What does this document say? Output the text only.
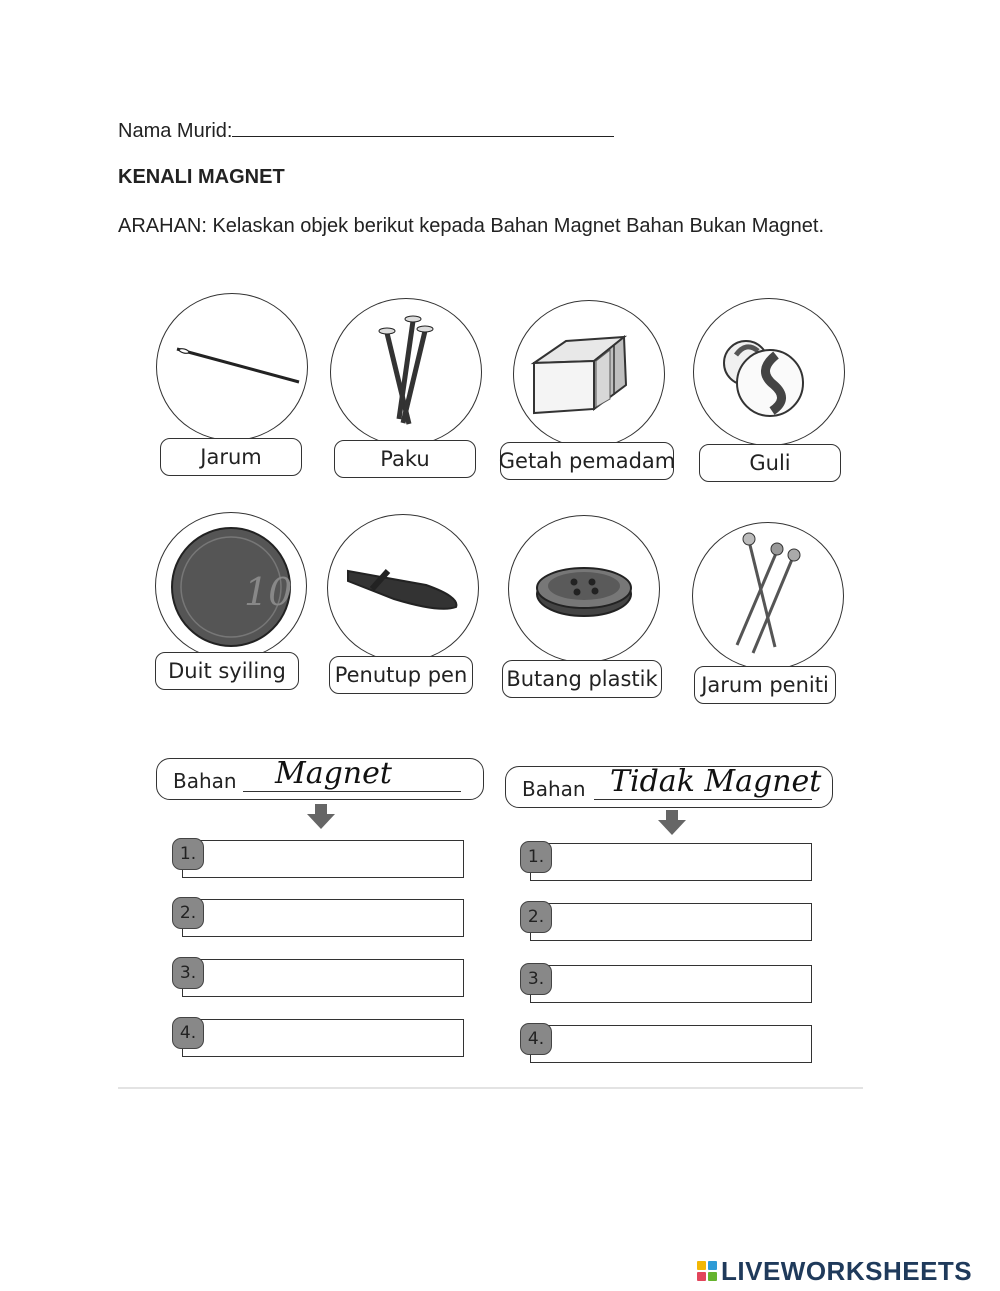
Nama Murid:
KENALI MAGNET
ARAHAN: Kelaskan objek berikut kepada Bahan Magnet Bahan Bukan Magnet.
Jarum	Paku	Getah pemadam	Guli
10
Duit syiling	Penutup pen Butang plastik	Jarum peniti
Bahan Magnet	Bahan Tidak Magnet
1.
2.
3.
4.
1.
2.
3.
4.
LIVEWORKSHEETS
